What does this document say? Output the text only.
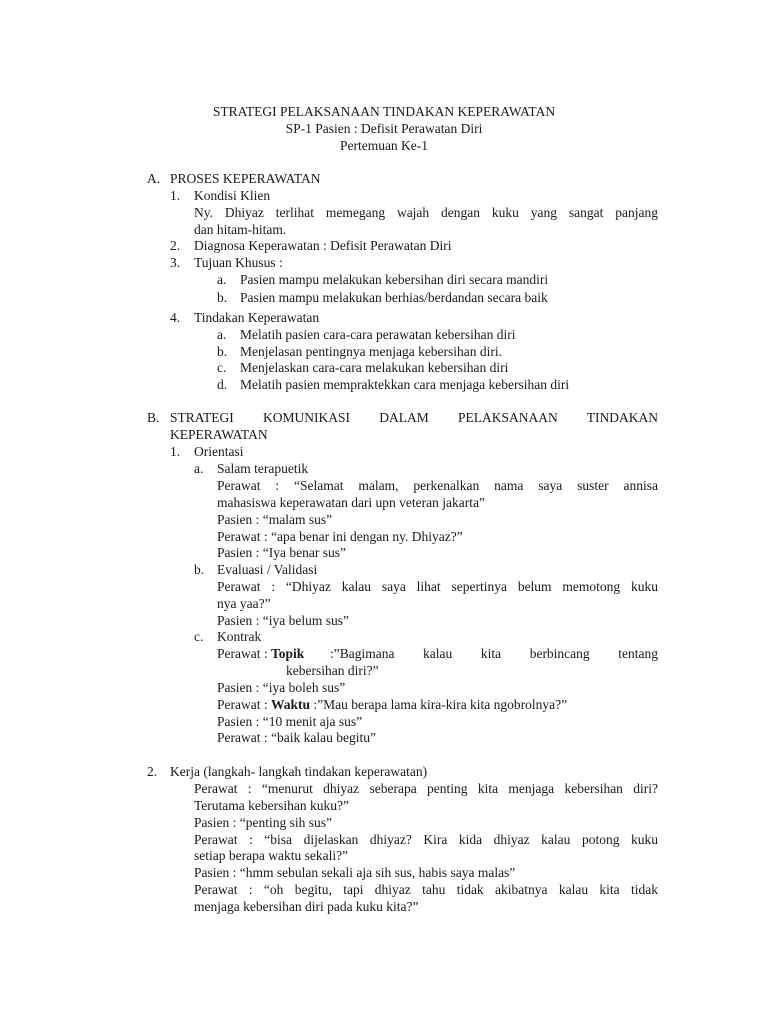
STRATEGI PELAKSANAAN TINDAKAN KEPERAWATAN
SP-1 Pasien : Defisit Perawatan Diri
Pertemuan Ke-1
A. PROSES KEPERAWATAN
1. Kondisi Klien
Ny. Dhiyaz terlihat memegang wajah dengan kuku yang sangat panjang
dan hitam-hitam.
2. Diagnosa Keperawatan : Defisit Perawatan Diri
3. Tujuan Khusus :
a. Pasien mampu melakukan kebersihan diri secara mandiri
b. Pasien mampu melakukan berhias/berdandan secara baik
4. Tindakan Keperawatan
a. Melatih pasien cara-cara perawatan kebersihan diri
b. Menjelasan pentingnya menjaga kebersihan diri.
c. Menjelaskan cara-cara melakukan kebersihan diri
d. Melatih pasien mempraktekkan cara menjaga kebersihan diri
B. STRATEGI KOMUNIKASI DALAM PELAKSANAAN TINDAKAN
KEPERAWATAN
1. Orientasi
a. Salam terapuetik
Perawat : “Selamat malam, perkenalkan nama saya suster annisa
mahasiswa keperawatan dari upn veteran jakarta”
Pasien : “malam sus”
Perawat : “apa benar ini dengan ny. Dhiyaz?”
Pasien : “Iya benar sus”
b. Evaluasi / Validasi
Perawat : “Dhiyaz kalau saya lihat sepertinya belum memotong kuku
nya yaa?”
Pasien : “iya belum sus”
c. Kontrak
Perawat : Topik :”Bagimana kalau kita berbincang tentang
kebersihan diri?”
Pasien : “iya boleh sus”
Perawat : Waktu :”Mau berapa lama kira-kira kita ngobrolnya?”
Pasien : “10 menit aja sus”
Perawat : “baik kalau begitu”
2. Kerja (langkah- langkah tindakan keperawatan)
Perawat : “menurut dhiyaz seberapa penting kita menjaga kebersihan diri?
Terutama kebersihan kuku?”
Pasien : “penting sih sus”
Perawat : “bisa dijelaskan dhiyaz? Kira kida dhiyaz kalau potong kuku
setiap berapa waktu sekali?”
Pasien : “hmm sebulan sekali aja sih sus, habis saya malas”
Perawat : “oh begitu, tapi dhiyaz tahu tidak akibatnya kalau kita tidak
menjaga kebersihan diri pada kuku kita?”
